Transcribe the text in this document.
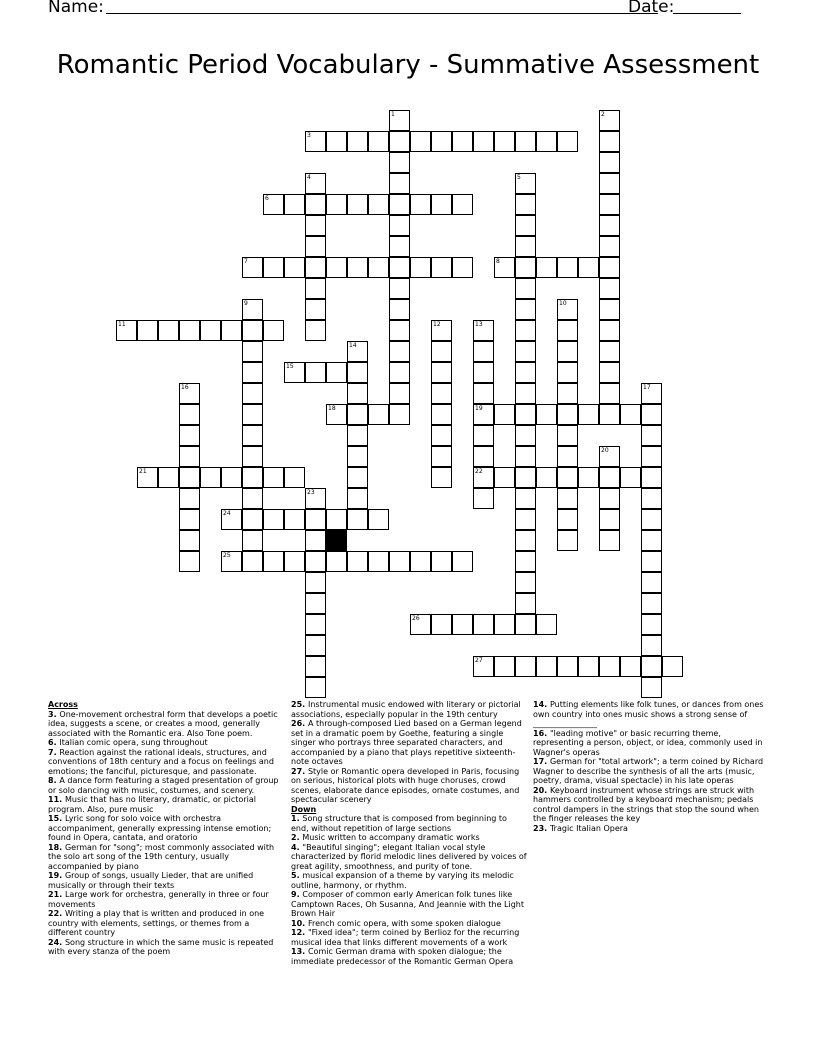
Name:	Date:
Romantic Period Vocabulary - Summative Assessment
3
6
7	8
11
15
18	19
21	22
24
25
26
27
1	2
4	5
9	10
12	13
14
16	17
20
23
Across
3. One-movement orchestral form that develops a poetic idea, suggests a scene, or creates a mood, generally associated with the Romantic era. Also Tone poem.
6. Italian comic opera, sung throughout
7. Reaction against the rational ideals, structures, and conventions of 18th century and a focus on feelings and emotions; the fanciful, picturesque, and passionate.
8. A dance form featuring a staged presentation of group or solo dancing with music, costumes, and scenery.
11. Music that has no literary, dramatic, or pictorial program. Also, pure music
15. Lyric song for solo voice with orchestra accompaniment, generally expressing intense emotion; found in Opera, cantata, and oratorio
18. German for "song"; most commonly associated with the solo art song of the 19th century, usually accompanied by piano
19. Group of songs, usually Lieder, that are unified musically or through their texts
21. Large work for orchestra, generally in three or four movements
22. Writing a play that is written and produced in one country with elements, settings, or themes from a different country
24. Song structure in which the same music is repeated with every stanza of the poem
25. Instrumental music endowed with literary or pictorial associations, especially popular in the 19th century
26. A through-composed Lied based on a German legend set in a dramatic poem by Goethe, featuring a single singer who portrays three separated characters, and accompanied by a piano that plays repetitive sixteenth-note octaves
27. Style or Romantic opera developed in Paris, focusing on serious, historical plots with huge choruses, crowd scenes, elaborate dance episodes, ornate costumes, and spectacular scenery
Down
1. Song structure that is composed from beginning to end, without repetition of large sections
2. Music written to accompany dramatic works
4. "Beautiful singing"; elegant Italian vocal style characterized by florid melodic lines delivered by voices of great agility, smoothness, and purity of tone.
5. musical expansion of a theme by varying its melodic outline, harmony, or rhythm.
9. Composer of common early American folk tunes like Camptown Races, Oh Susanna, And Jeannie with the Light Brown Hair
10. French comic opera, with some spoken dialogue
12. "Fixed idea"; term coined by Berlioz for the recurring musical idea that links different movements of a work
13. Comic German drama with spoken dialogue; the immediate predecessor of the Romantic German Opera
14. Putting elements like folk tunes, or dances from ones own country into ones music shows a strong sense of ________________
16. "leading motive" or basic recurring theme, representing a person, object, or idea, commonly used in Wagner's operas
17. German for "total artwork"; a term coined by Richard Wagner to describe the synthesis of all the arts (music, poetry, drama, visual spectacle) in his late operas
20. Keyboard instrument whose strings are struck with hammers controlled by a keyboard mechanism; pedals control dampers in the strings that stop the sound when the finger releases the key
23. Tragic Italian Opera
